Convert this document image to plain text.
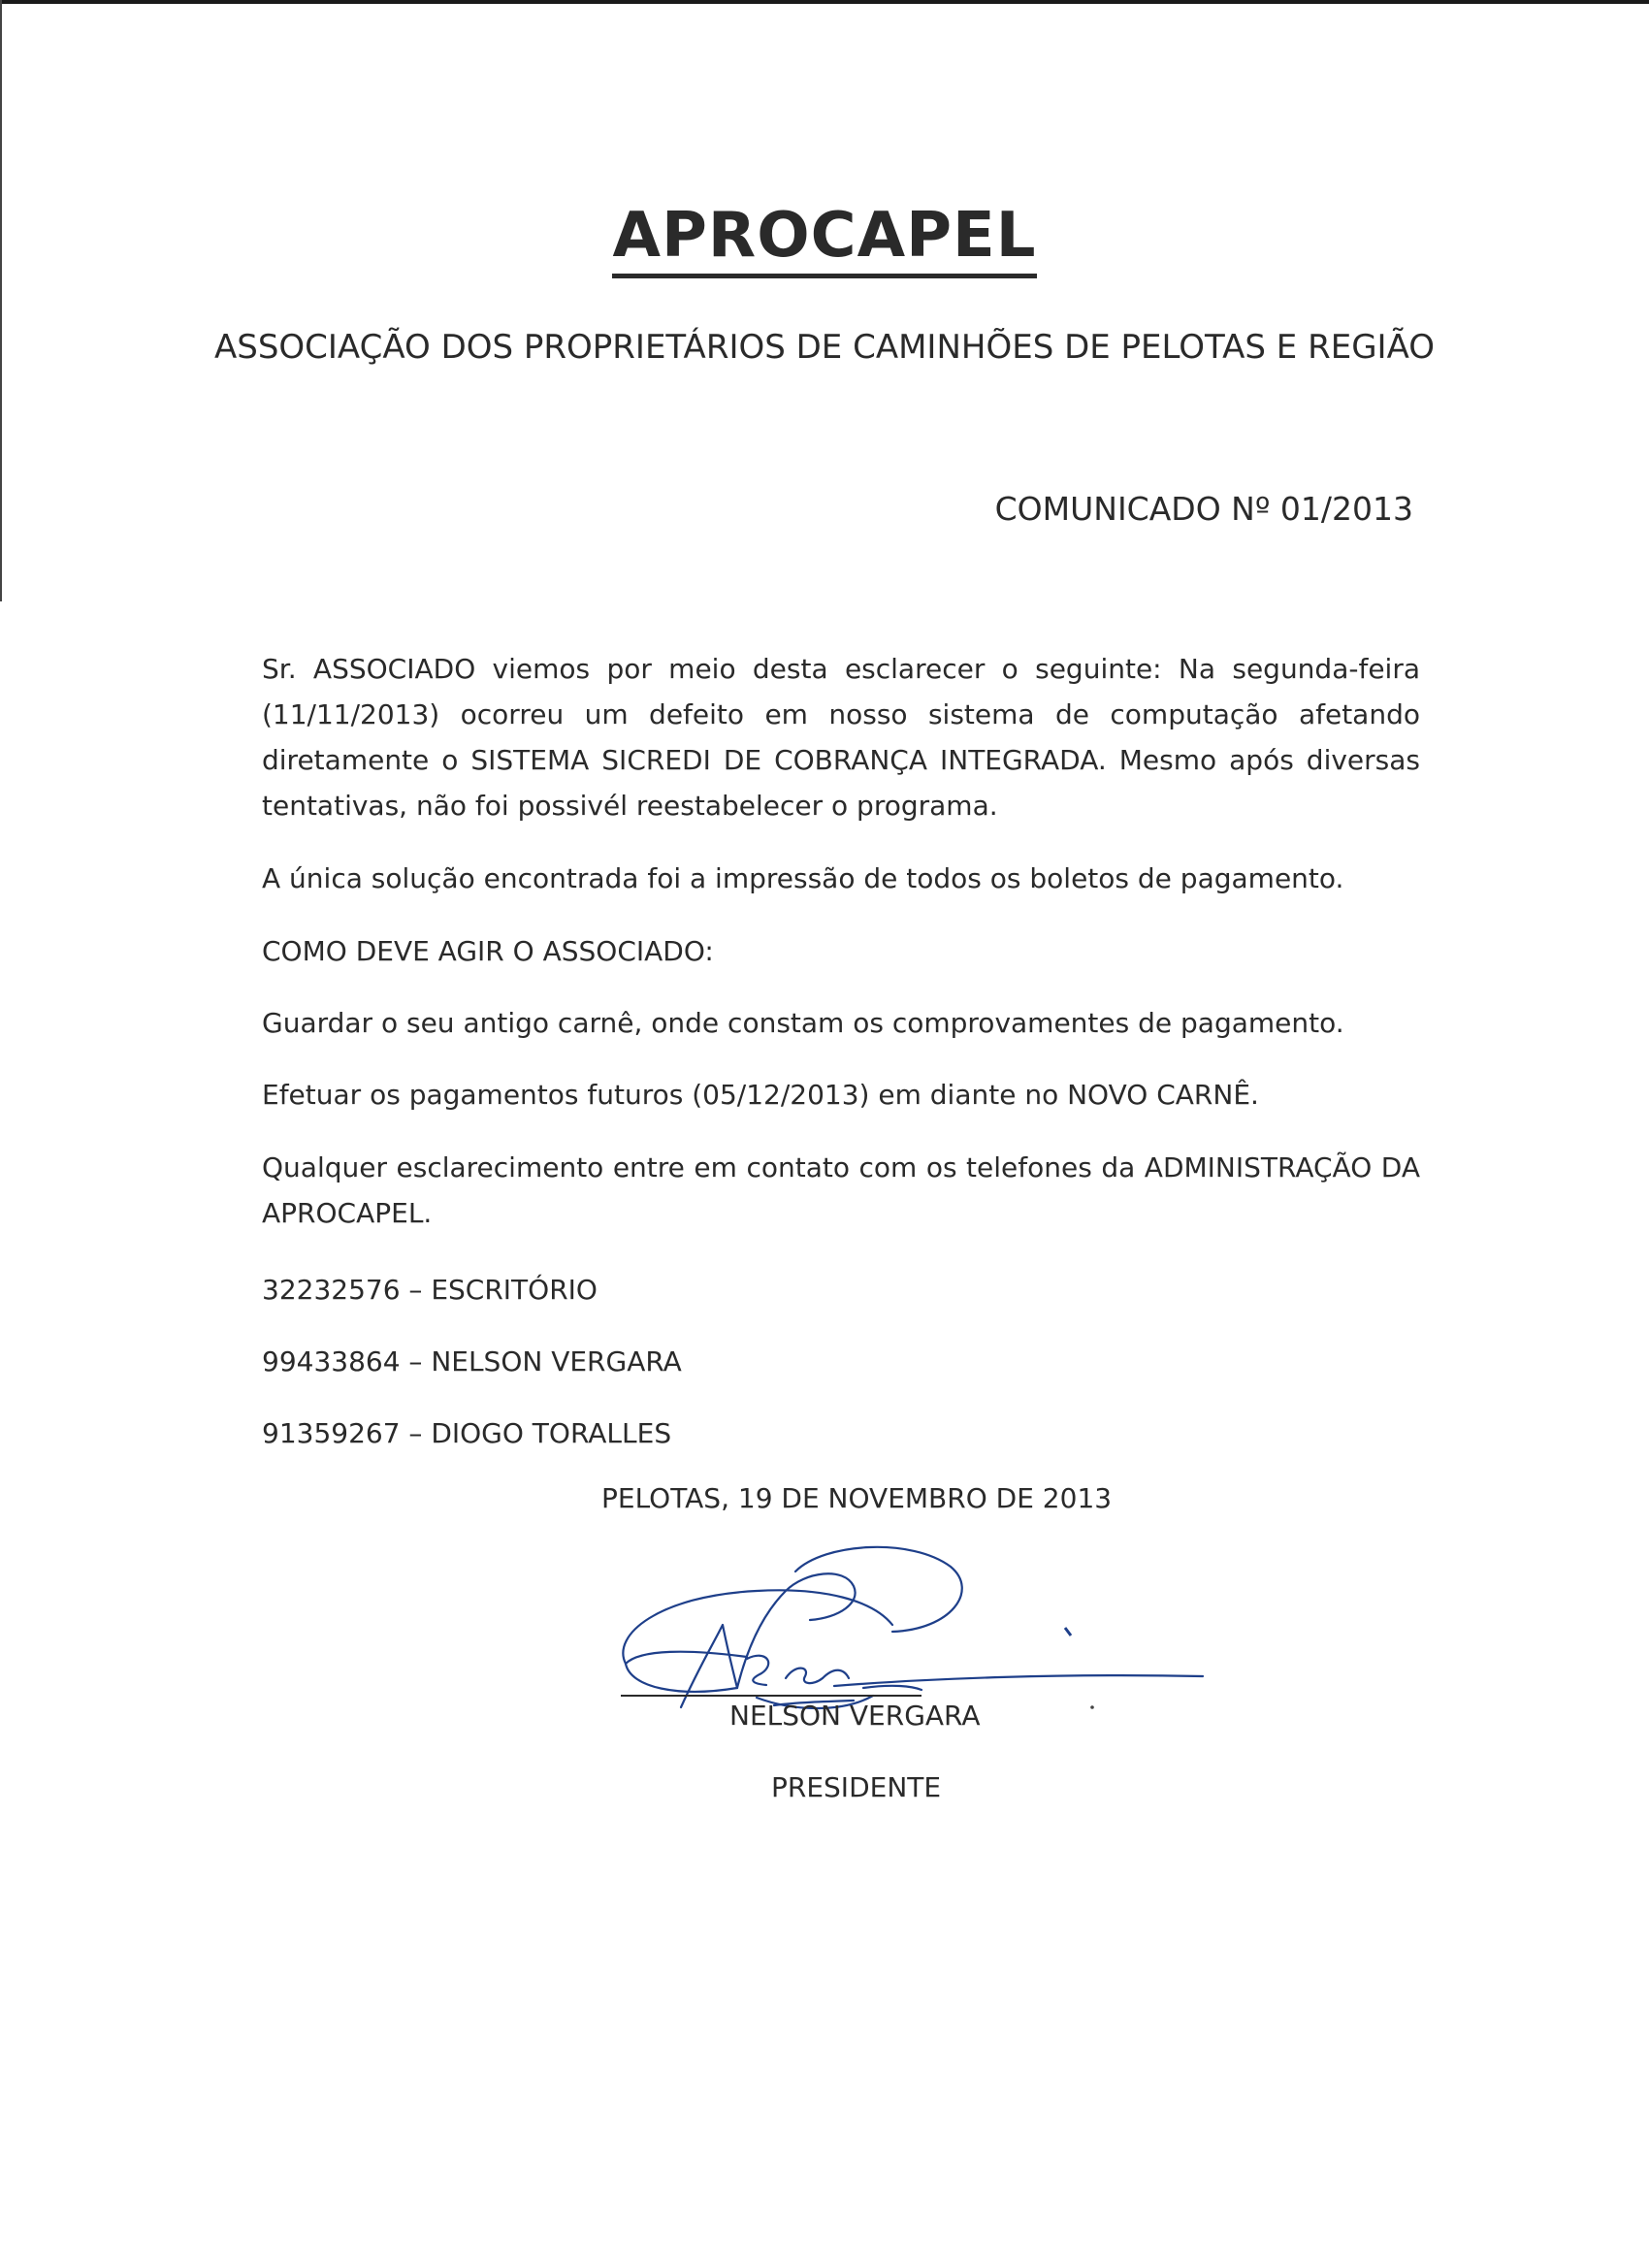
APROCAPEL

ASSOCIAÇÃO DOS PROPRIETÁRIOS DE CAMINHÕES DE PELOTAS E REGIÃO

COMUNICADO Nº 01/2013

Sr. ASSOCIADO viemos por meio desta esclarecer o seguinte: Na segunda-feira (11/11/2013) ocorreu um defeito em nosso sistema de computação afetando diretamente o SISTEMA SICREDI DE COBRANÇA INTEGRADA. Mesmo após diversas tentativas, não foi possivél reestabelecer o programa.

A única solução encontrada foi a impressão de todos os boletos de pagamento.

COMO DEVE AGIR O ASSOCIADO:

Guardar o seu antigo carnê, onde constam os comprovamentes de pagamento.

Efetuar os pagamentos futuros (05/12/2013) em diante no NOVO CARNÊ.

Qualquer esclarecimento entre em contato com os telefones da ADMINISTRAÇÃO DA APROCAPEL.

32232576 – ESCRITÓRIO

99433864 – NELSON VERGARA

91359267 – DIOGO TORALLES

PELOTAS, 19 DE NOVEMBRO DE 2013

NELSON VERGARA

PRESIDENTE
